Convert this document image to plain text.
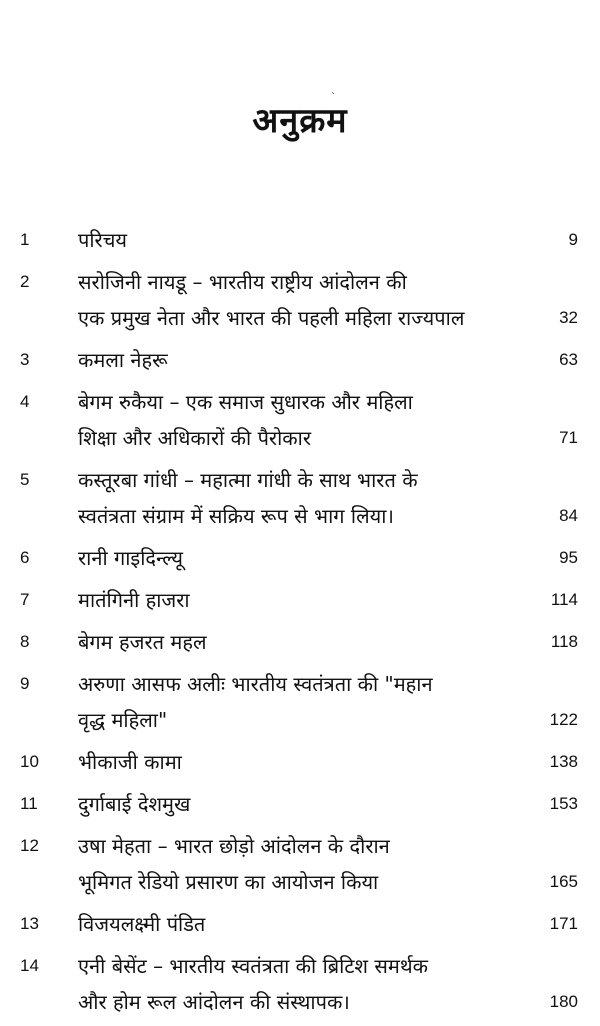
अनुक्रम
ˋ
1	परिचय	9
2	सरोजिनी नायडू – भारतीय राष्ट्रीय आंदोलन की
एक प्रमुख नेता और भारत की पहली महिला राज्यपाल	32
3	कमला नेहरू	63
4	बेगम रुकैया – एक समाज सुधारक और महिला
शिक्षा और अधिकारों की पैरोकार	71
5	कस्तूरबा गांधी – महात्मा गांधी के साथ भारत के
स्वतंत्रता संग्राम में सक्रिय रूप से भाग लिया।	84
6	रानी गाइदिन्ल्यू	95
7	मातंगिनी हाजरा	114
8	बेगम हजरत महल	118
9	अरुणा आसफ अलीः भारतीय स्वतंत्रता की "महान
वृद्ध महिला"	122
10	भीकाजी कामा	138
11	दुर्गाबाई देशमुख	153
12	उषा मेहता – भारत छोड़ो आंदोलन के दौरान
भूमिगत रेडियो प्रसारण का आयोजन किया	165
13	विजयलक्ष्मी पंडित	171
14	एनी बेसेंट – भारतीय स्वतंत्रता की ब्रिटिश समर्थक
और होम रूल आंदोलन की संस्थापक।	180
